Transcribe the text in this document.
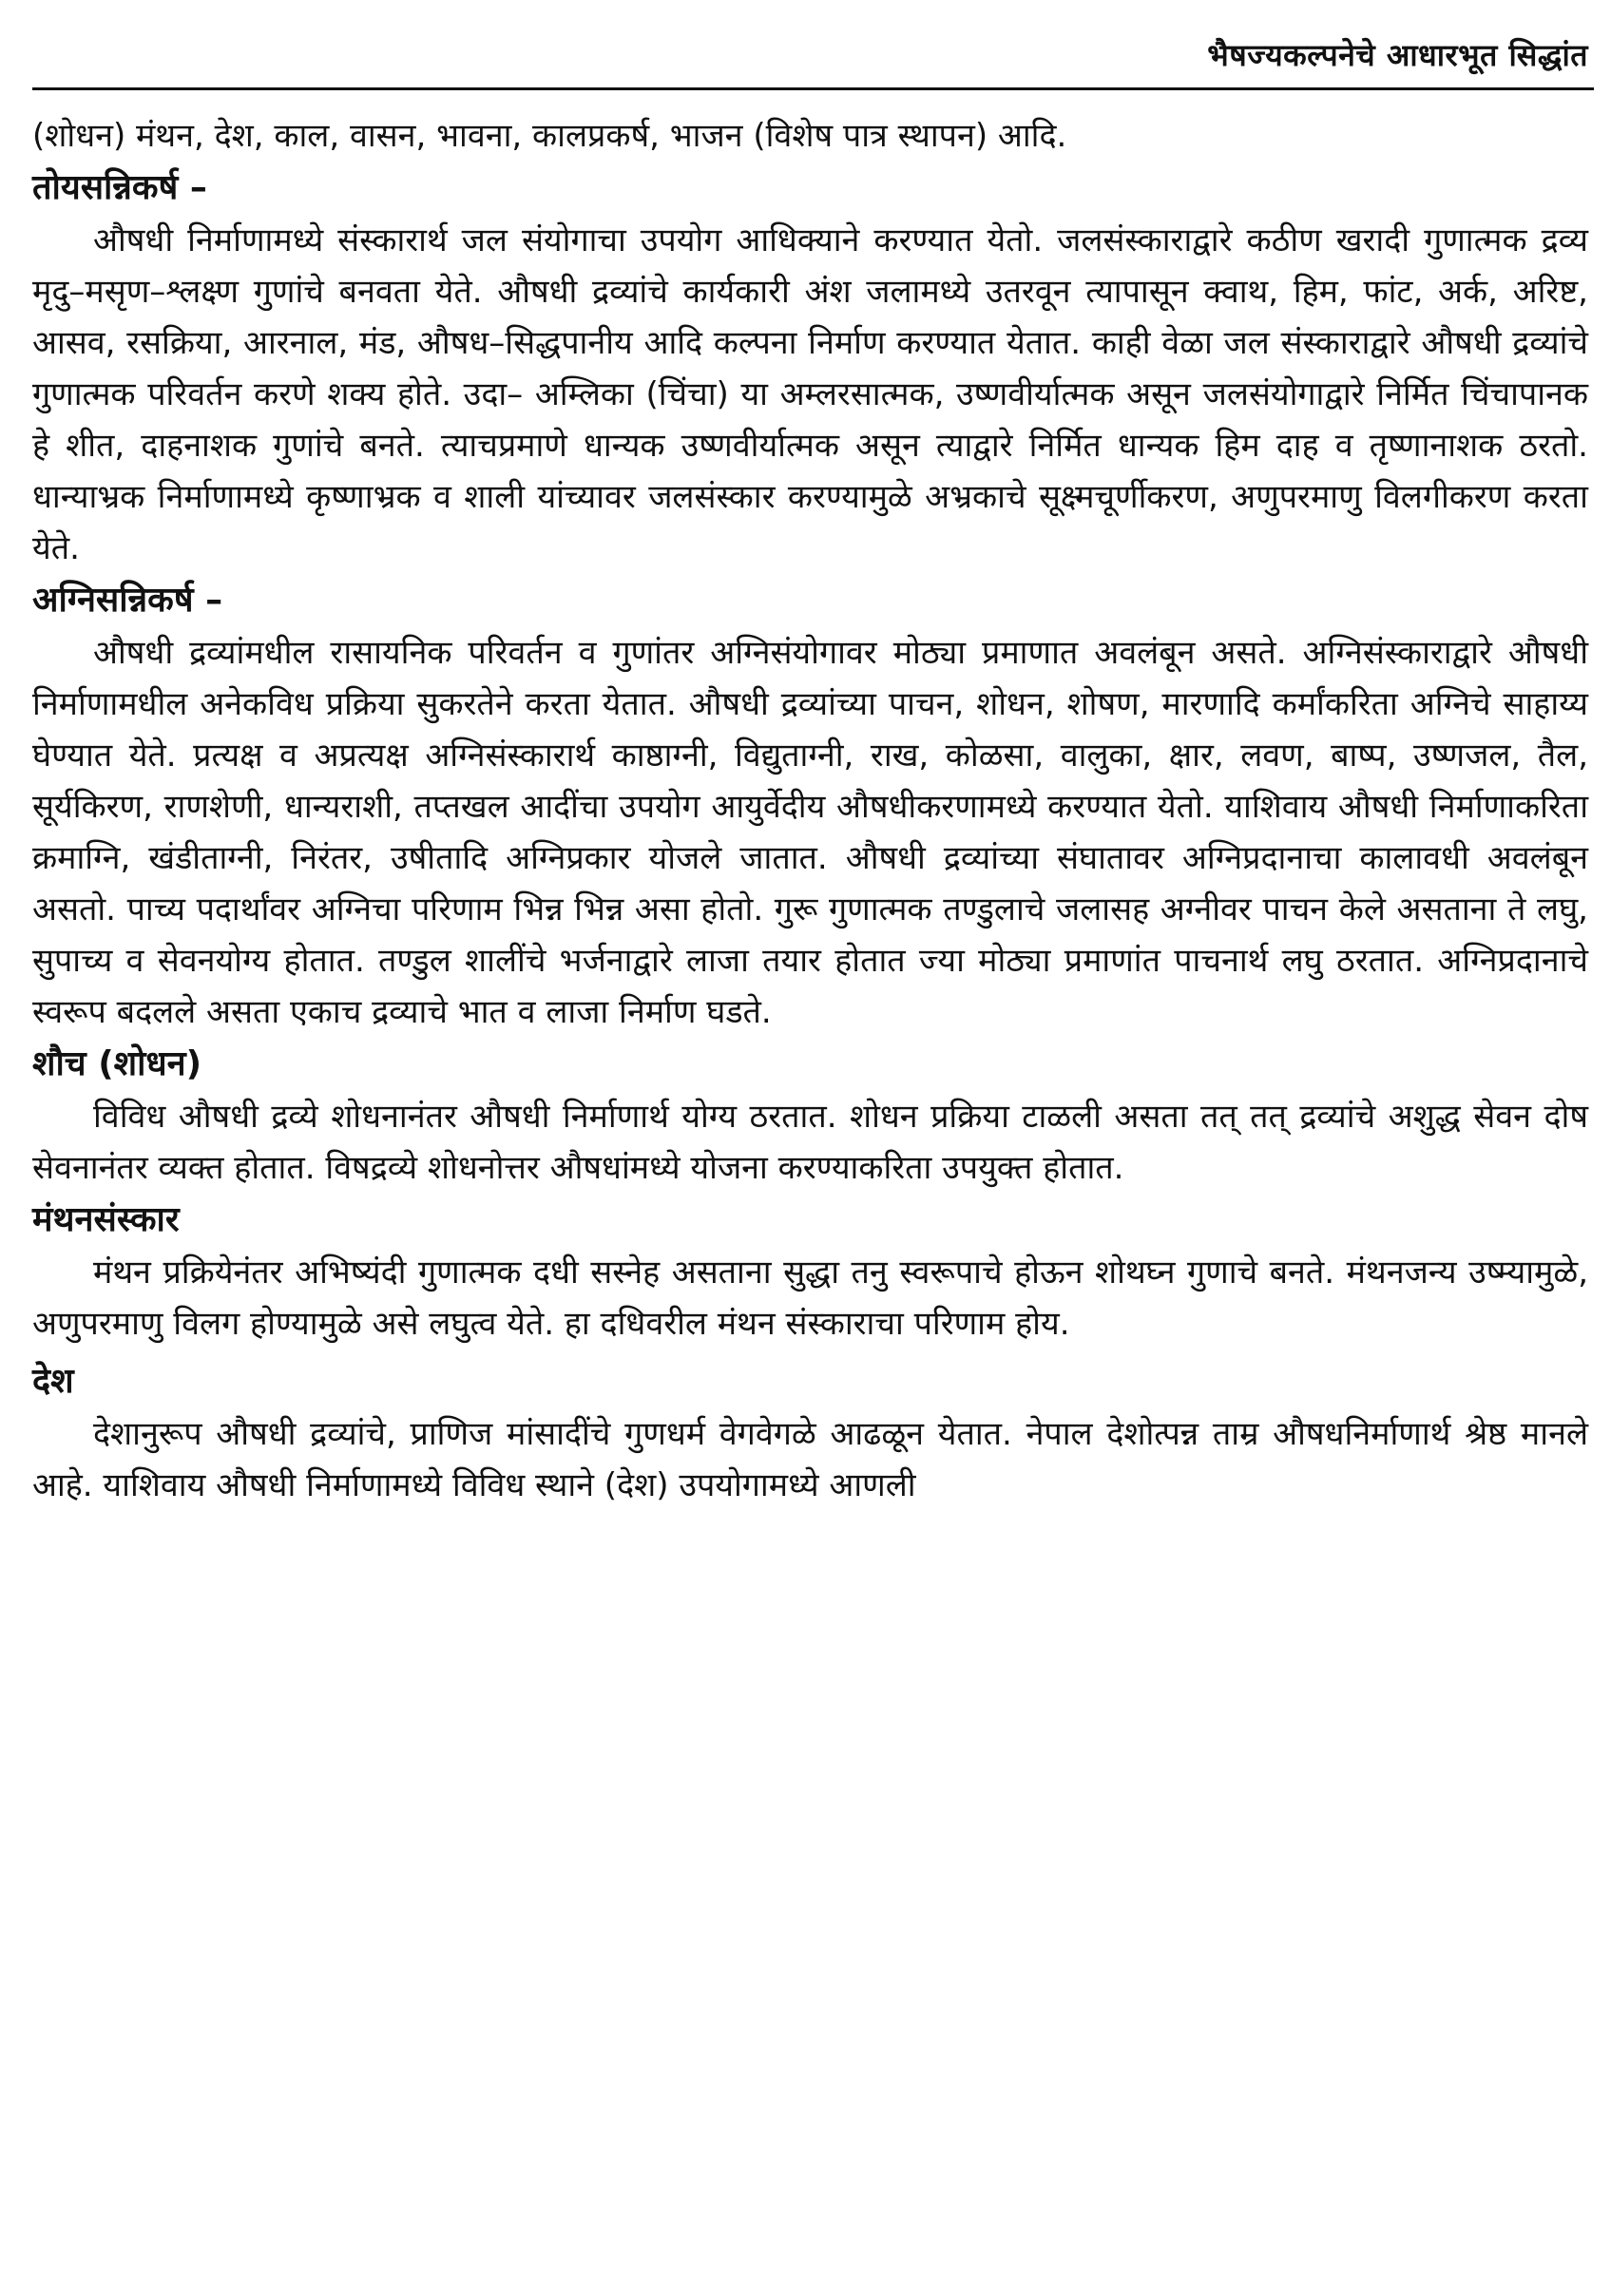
भैषज्यकल्पनेचे आधारभूत सिद्धांत

(शोधन) मंथन, देश, काल, वासन, भावना, कालप्रकर्ष, भाजन (विशेष पात्र स्थापन) आदि.

तोयसन्निकर्ष –

औषधी निर्माणामध्ये संस्कारार्थ जल संयोगाचा उपयोग आधिक्याने करण्यात येतो. जलसंस्काराद्वारे कठीण खरादी गुणात्मक द्रव्य मृदु–मसृण–श्लक्ष्ण गुणांचे बनवता येते. औषधी द्रव्यांचे कार्यकारी अंश जलामध्ये उतरवून त्यापासून क्वाथ, हिम, फांट, अर्क, अरिष्ट, आसव, रसक्रिया, आरनाल, मंड, औषध–सिद्धपानीय आदि कल्पना निर्माण करण्यात येतात. काही वेळा जल संस्काराद्वारे औषधी द्रव्यांचे गुणात्मक परिवर्तन करणे शक्य होते. उदा– अम्लिका (चिंचा) या अम्लरसात्मक, उष्णवीर्यात्मक असून जलसंयोगाद्वारे निर्मित चिंचापानक हे शीत, दाहनाशक गुणांचे बनते. त्याचप्रमाणे धान्यक उष्णवीर्यात्मक असून त्याद्वारे निर्मित धान्यक हिम दाह व तृष्णानाशक ठरतो. धान्याभ्रक निर्माणामध्ये कृष्णाभ्रक व शाली यांच्यावर जलसंस्कार करण्यामुळे अभ्रकाचे सूक्ष्मचूर्णीकरण, अणुपरमाणु विलगीकरण करता येते.

अग्निसन्निकर्ष –

औषधी द्रव्यांमधील रासायनिक परिवर्तन व गुणांतर अग्निसंयोगावर मोठ्या प्रमाणात अवलंबून असते. अग्निसंस्काराद्वारे औषधी निर्माणामधील अनेकविध प्रक्रिया सुकरतेने करता येतात. औषधी द्रव्यांच्या पाचन, शोधन, शोषण, मारणादि कर्मांकरिता अग्निचे साहाय्य घेण्यात येते. प्रत्यक्ष व अप्रत्यक्ष अग्निसंस्कारार्थ काष्ठाग्नी, विद्युताग्नी, राख, कोळसा, वालुका, क्षार, लवण, बाष्प, उष्णजल, तैल, सूर्यकिरण, राणशेणी, धान्यराशी, तप्तखल आदींचा उपयोग आयुर्वेदीय औषधीकरणामध्ये करण्यात येतो. याशिवाय औषधी निर्माणाकरिता क्रमाग्नि, खंडीताग्नी, निरंतर, उषीतादि अग्निप्रकार योजले जातात. औषधी द्रव्यांच्या संघातावर अग्निप्रदानाचा कालावधी अवलंबून असतो. पाच्य पदार्थांवर अग्निचा परिणाम भिन्न भिन्न असा होतो. गुरू गुणात्मक तण्डुलाचे जलासह अग्नीवर पाचन केले असताना ते लघु, सुपाच्य व सेवनयोग्य होतात. तण्डुल शालींचे भर्जनाद्वारे लाजा तयार होतात ज्या मोठ्या प्रमाणांत पाचनार्थ लघु ठरतात. अग्निप्रदानाचे स्वरूप बदलले असता एकाच द्रव्याचे भात व लाजा निर्माण घडते.

शौच (शोधन)

विविध औषधी द्रव्ये शोधनानंतर औषधी निर्माणार्थ योग्य ठरतात. शोधन प्रक्रिया टाळली असता तत् तत् द्रव्यांचे अशुद्ध सेवन दोष सेवनानंतर व्यक्त होतात. विषद्रव्ये शोधनोत्तर औषधांमध्ये योजना करण्याकरिता उपयुक्त होतात.

मंथनसंस्कार

मंथन प्रक्रियेनंतर अभिष्यंदी गुणात्मक दधी सस्नेह असताना सुद्धा तनु स्वरूपाचे होऊन शोथघ्न गुणाचे बनते. मंथनजन्य उष्म्यामुळे, अणुपरमाणु विलग होण्यामुळे असे लघुत्व येते. हा दधिवरील मंथन संस्काराचा परिणाम होय.

देश

देशानुरूप औषधी द्रव्यांचे, प्राणिज मांसादींचे गुणधर्म वेगवेगळे आढळून येतात. नेपाल देशोत्पन्न ताम्र औषधनिर्माणार्थ श्रेष्ठ मानले आहे. याशिवाय औषधी निर्माणामध्ये विविध स्थाने (देश) उपयोगामध्ये आणली
